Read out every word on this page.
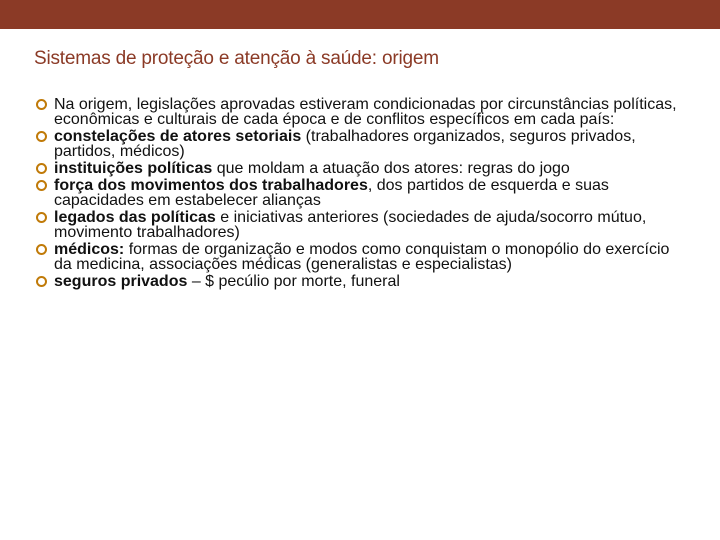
Sistemas de proteção e atenção à saúde: origem
Na origem, legislações aprovadas estiveram condicionadas por circunstâncias políticas, econômicas e culturais de cada época e de conflitos específicos em cada país:
constelações de atores setoriais (trabalhadores organizados, seguros privados, partidos, médicos)
instituições políticas que moldam a atuação dos atores: regras do jogo
força dos movimentos dos trabalhadores, dos partidos de esquerda e suas capacidades em estabelecer alianças
legados das políticas e iniciativas anteriores (sociedades de ajuda/socorro mútuo, movimento trabalhadores)
médicos: formas de organização e modos como conquistam o monopólio do exercício da medicina, associações médicas (generalistas e especialistas)
seguros privados – $ pecúlio por morte, funeral
